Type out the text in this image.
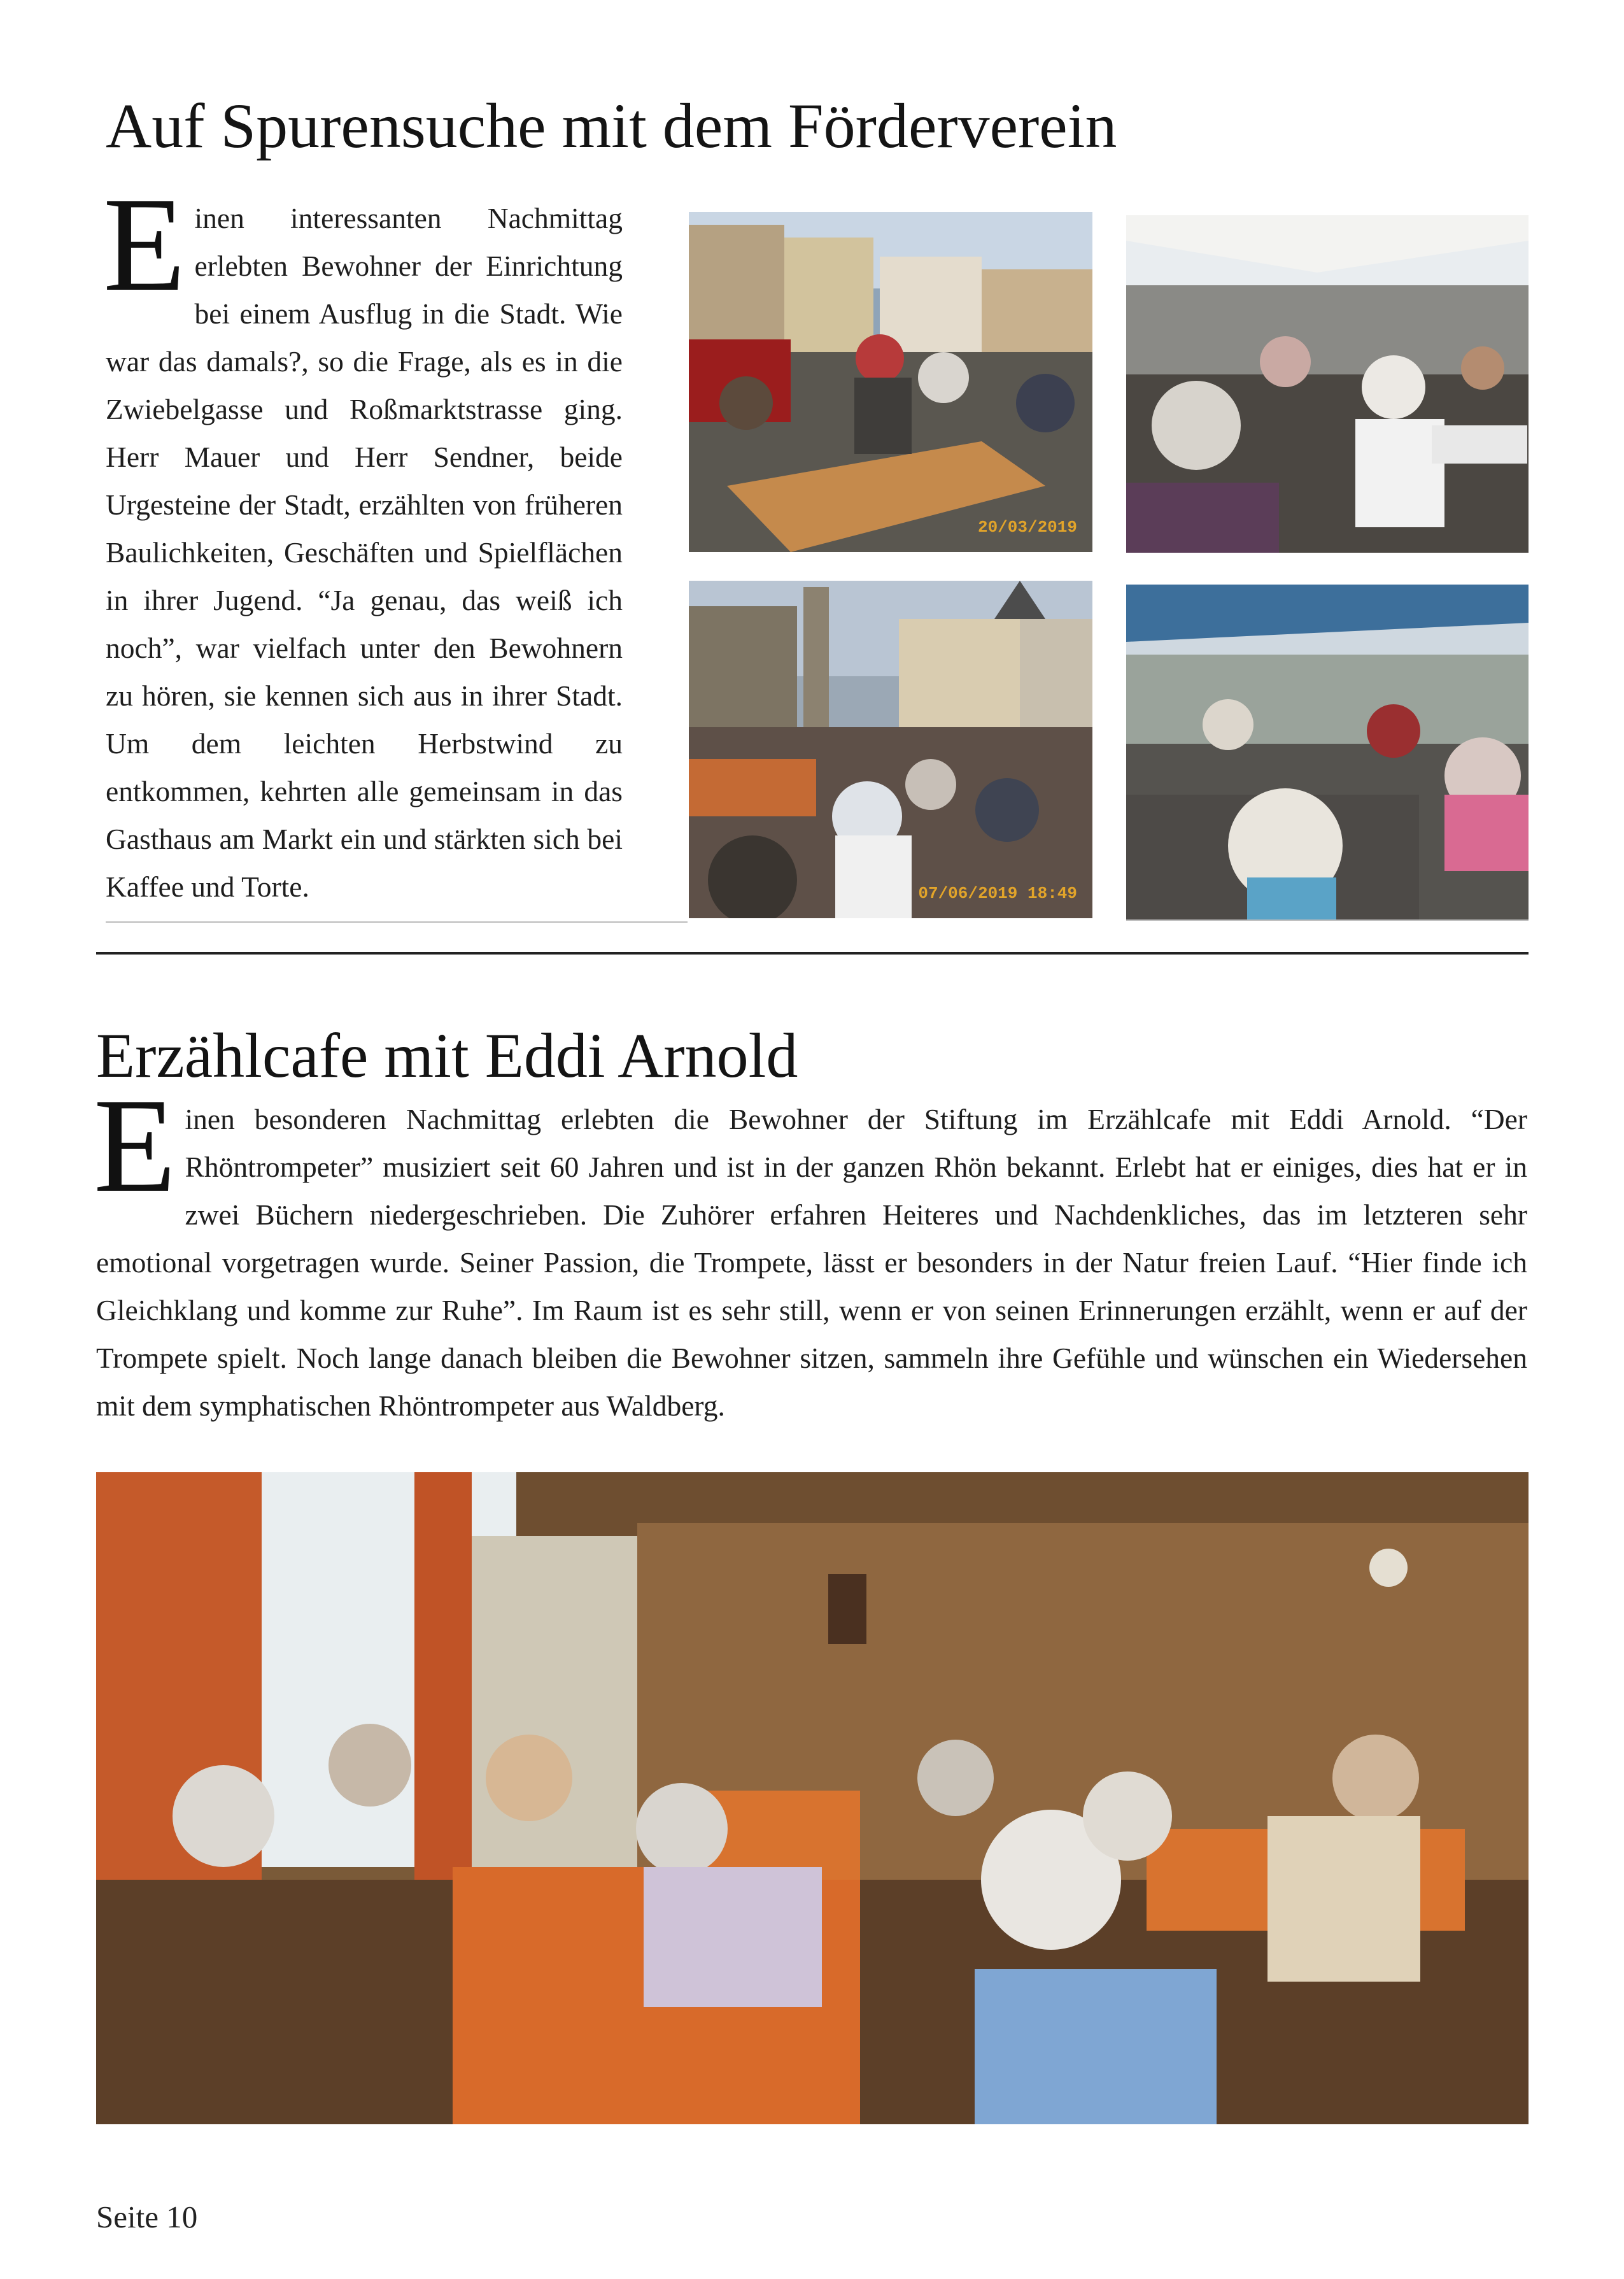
Auf Spurensuche mit dem Förderverein
E inen interessanten Nachmittag erlebten Bewohner der Einrichtung bei einem Ausflug in die Stadt. Wie war das damals?, so die Frage, als es in die Zwiebelgasse und Roßmarktstrasse ging. Herr Mauer und Herr Sendner, beide Urgesteine der Stadt, erzählten von früheren Baulichkeiten, Geschäften und Spielflächen in ihrer Jugend. “Ja genau, das weiß ich noch”, war vielfach unter den Bewohnern zu hören, sie kennen sich aus in ihrer Stadt. Um dem leichten Herbstwind zu entkommen, kehrten alle gemeinsam in das Gasthaus am Markt ein und stärkten sich bei Kaffee und Torte.
20/03/2019
07/06/2019 18:49
Erzählcafe mit Eddi Arnold
E inen besonderen Nachmittag erlebten die Bewohner der Stiftung im Erzählcafe mit Eddi Arnold. “Der Rhöntrompeter” musiziert seit 60 Jahren und ist in der ganzen Rhön bekannt. Erlebt hat er einiges, dies hat er in zwei Büchern niedergeschrieben. Die Zuhörer erfahren Heiteres und Nachdenkliches, das im letzteren sehr emotional vorgetragen wurde. Seiner Passion, die Trompete, lässt er besonders in der Natur freien Lauf. “Hier finde ich Gleichklang und komme zur Ruhe”. Im Raum ist es sehr still, wenn er von seinen Erinnerungen erzählt, wenn er auf der Trompete spielt. Noch lange danach bleiben die Bewohner sitzen, sammeln ihre Gefühle und wünschen ein Wiedersehen mit dem symphatischen Rhöntrompeter aus Waldberg.
Seite 10
